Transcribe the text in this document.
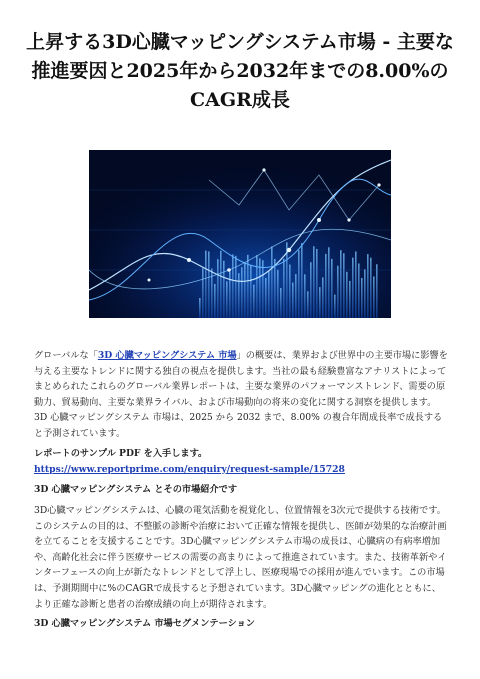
上昇する3D心臓マッピングシステム市場 - 主要な推進要因と2025年から2032年までの8.00%のCAGR成長
グローバルな「3D 心臓マッピングシステム 市場」の概要は、業界および世界中の主要市場に影響を与える主要なトレンドに関する独自の視点を提供します。当社の最も経験豊富なアナリストによってまとめられたこれらのグローバル業界レポートは、主要な業界のパフォーマンストレンド、需要の原動力、貿易動向、主要な業界ライバル、および市場動向の将来の変化に関する洞察を提供します。3D 心臓マッピングシステム 市場は、2025 から 2032 まで、8.00% の複合年間成長率で成長すると予測されています。
レポートのサンプル PDF を入手します。 https://www.reportprime.com/enquiry/request-sample/15728
3D 心臓マッピングシステム とその市場紹介です
3D心臓マッピングシステムは、心臓の電気活動を視覚化し、位置情報を3次元で提供する技術です。このシステムの目的は、不整脈の診断や治療において正確な情報を提供し、医師が効果的な治療計画を立てることを支援することです。3D心臓マッピングシステム市場の成長は、心臓病の有病率増加や、高齢化社会に伴う医療サービスの需要の高まりによって推進されています。また、技術革新やインターフェースの向上が新たなトレンドとして浮上し、医療現場での採用が進んでいます。この市場は、予測期間中に%のCAGRで成長すると予想されています。3D心臓マッピングの進化とともに、より正確な診断と患者の治療成績の向上が期待されます。
3D 心臓マッピングシステム 市場セグメンテーション
